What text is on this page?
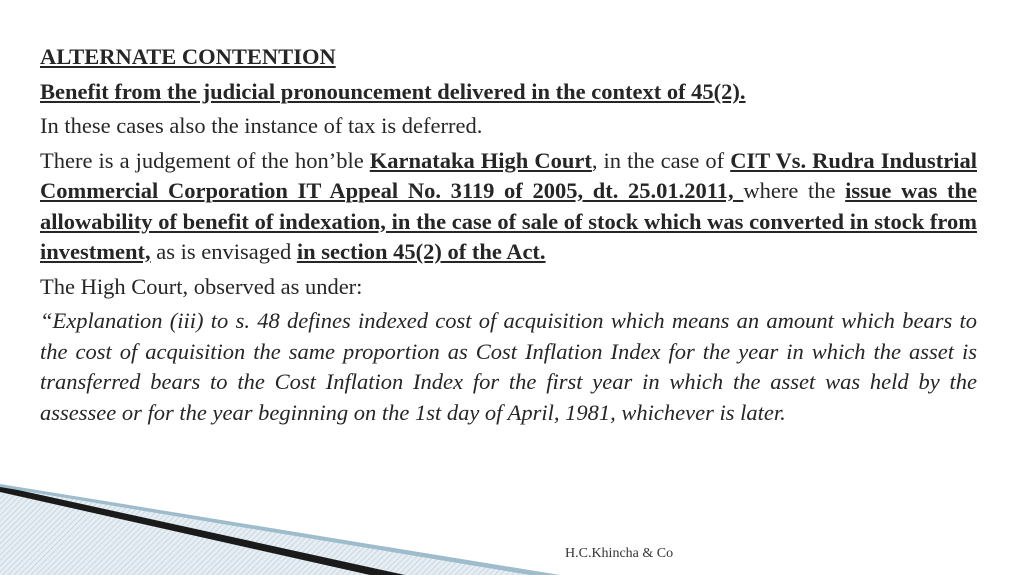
ALTERNATE CONTENTION

Benefit from the judicial pronouncement delivered in the context of 45(2).

In these cases also the instance of tax is deferred.

There is a judgement of the hon’ble Karnataka High Court, in the case of CIT Vs. Rudra Industrial Commercial Corporation IT Appeal No. 3119 of 2005, dt. 25.01.2011, where the issue was the allowability of benefit of indexation, in the case of sale of stock which was converted in stock from investment, as is envisaged in section 45(2) of the Act.

The High Court, observed as under:

“Explanation (iii) to s. 48 defines indexed cost of acquisition which means an amount which bears to the cost of acquisition the same proportion as Cost Inflation Index for the year in which the asset is transferred bears to the Cost Inflation Index for the first year in which the asset was held by the assessee or for the year beginning on the 1st day of April, 1981, whichever is later.

H.C.Khincha & Co
